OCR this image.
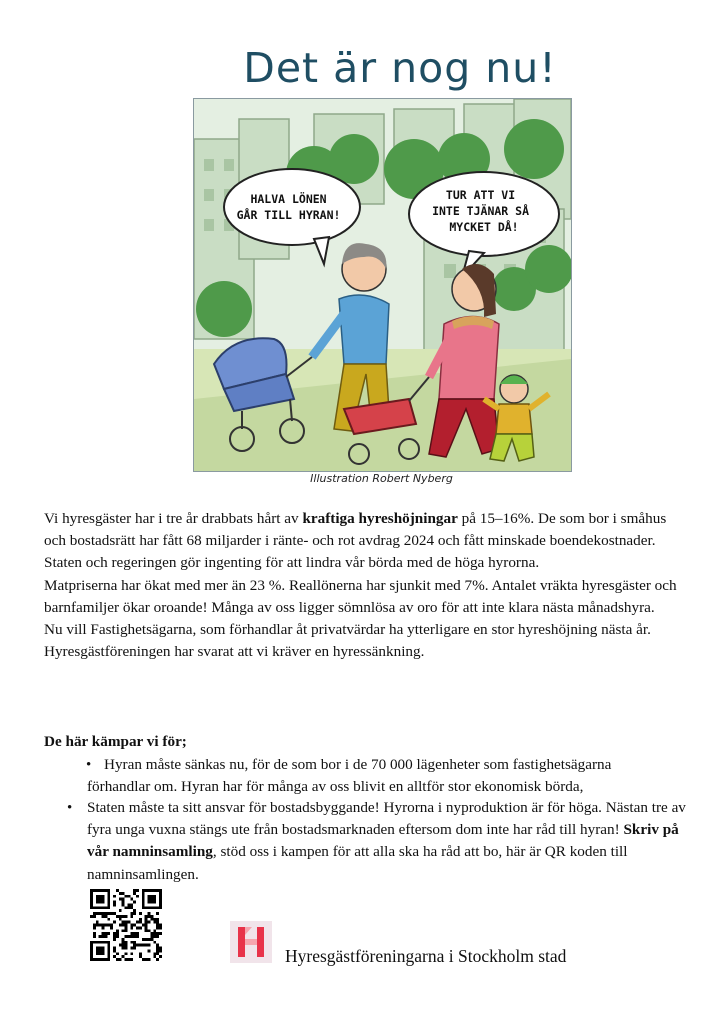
Det är nog nu!
HALVA LÖNEN GÅR TILL HYRAN! TUR ATT VI INTE TJÄNAR SÅ MYCKET DÅ!
Illustration Robert Nyberg

Vi hyresgäster har i tre år drabbats hårt av kraftiga hyreshöjningar på 15–16%. De som bor i småhus och bostadsrätt har fått 68 miljarder i ränte- och rot avdrag 2024 och fått minskade boendekostnader. Staten och regeringen gör ingenting för att lindra vår börda med de höga hyrorna.

Matpriserna har ökat med mer än 23 %. Reallönerna har sjunkit med 7%. Antalet vräkta hyresgäster och barnfamiljer ökar oroande! Många av oss ligger sömnlösa av oro för att inte klara nästa månadshyra.

Nu vill Fastighetsägarna, som förhandlar åt privatvärdar ha ytterligare en stor hyreshöjning nästa år. Hyresgästföreningen har svarat att vi kräver en hyressänkning.

De här kämpar vi för;
• Hyran måste sänkas nu, för de som bor i de 70 000 lägenheter som fastighetsägarna
förhandlar om. Hyran har för många av oss blivit en alltför stor ekonomisk börda,
• Staten måste ta sitt ansvar för bostadsbyggande! Hyrorna i nyproduktion är för höga. Nästan tre av fyra unga vuxna stängs ute från bostadsmarknaden eftersom dom inte har råd till hyran! Skriv på vår namninsamling, stöd oss i kampen för att alla ska ha råd att bo, här är QR koden till namninsamlingen.
Hyresgästföreningarna i Stockholm stad
